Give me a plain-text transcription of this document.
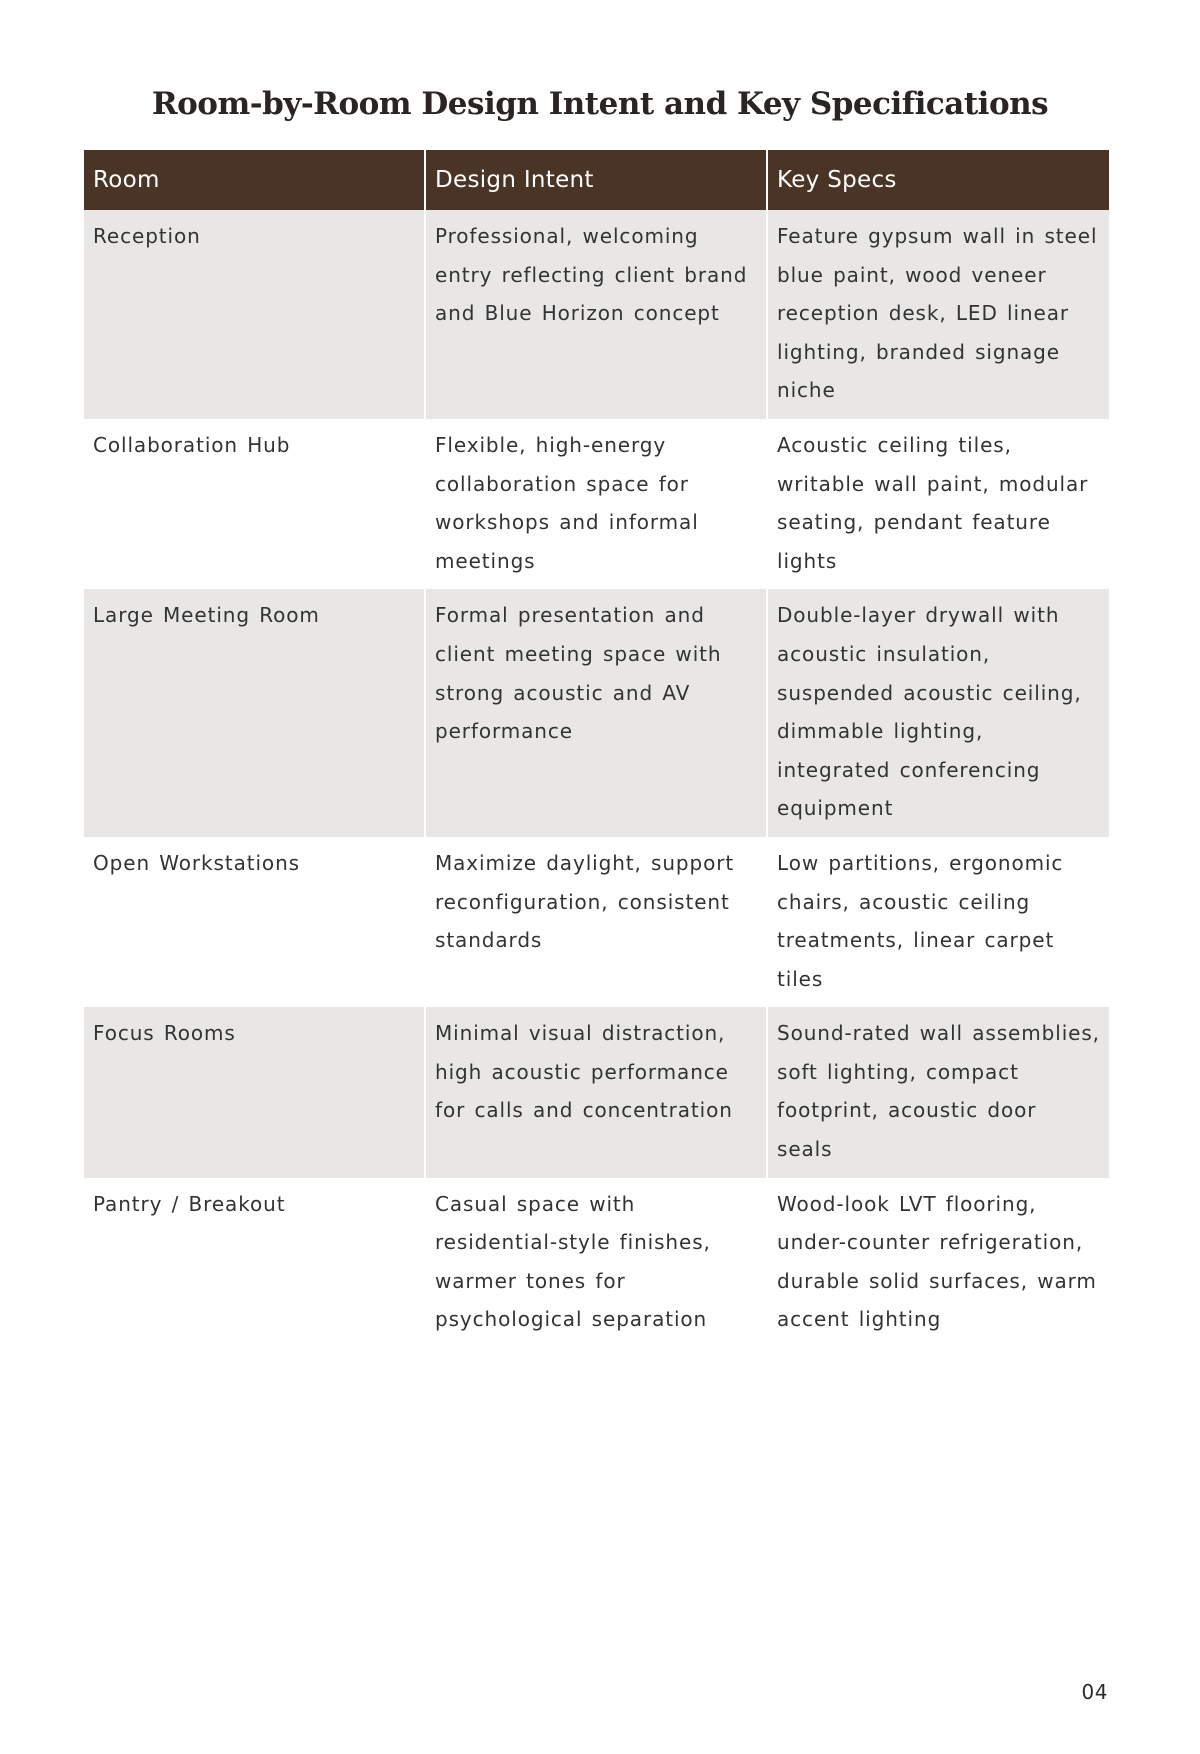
Room-by-Room Design Intent and Key Specifications
Room	Design Intent	Key Specs
Reception	Professional, welcoming entry reflecting client brand and Blue Horizon concept	Feature gypsum wall in steel blue paint, wood veneer reception desk, LED linear lighting, branded signage niche
Collaboration Hub	Flexible, high-energy collaboration space for workshops and informal meetings	Acoustic ceiling tiles, writable wall paint, modular seating, pendant feature lights
Large Meeting Room	Formal presentation and client meeting space with strong acoustic and AV performance	Double-layer drywall with acoustic insulation, suspended acoustic ceiling, dimmable lighting, integrated conferencing equipment
Open Workstations	Maximize daylight, support reconfiguration, consistent standards	Low partitions, ergonomic chairs, acoustic ceiling treatments, linear carpet tiles
Focus Rooms	Minimal visual distraction, high acoustic performance for calls and concentration	Sound-rated wall assemblies, soft lighting, compact footprint, acoustic door seals
Pantry / Breakout	Casual space with residential-style finishes, warmer tones for psychological separation	Wood-look LVT flooring, under-counter refrigeration, durable solid surfaces, warm accent lighting
04
